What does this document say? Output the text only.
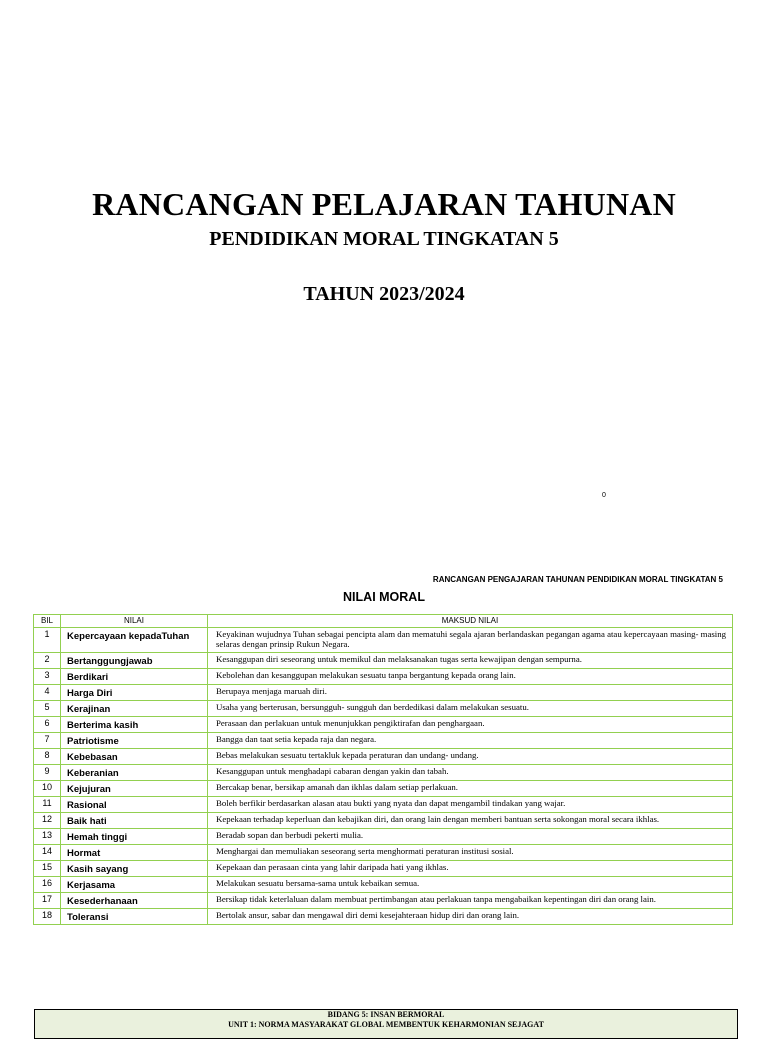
RANCANGAN PELAJARAN TAHUNAN
PENDIDIKAN MORAL TINGKATAN 5
TAHUN 2023/2024
0
RANCANGAN PENGAJARAN TAHUNAN PENDIDIKAN MORAL TINGKATAN 5
NILAI MORAL
BIL	NILAI	MAKSUD NILAI
1	Kepercayaan kepadaTuhan	Keyakinan wujudnya Tuhan sebagai pencipta alam dan mematuhi segala ajaran berlandaskan pegangan agama atau kepercayaan masing- masing selaras dengan prinsip Rukun Negara.
2	Bertanggungjawab	Kesanggupan diri seseorang untuk memikul dan melaksanakan tugas serta kewajipan dengan sempurna.
3	Berdikari	Kebolehan dan kesanggupan melakukan sesuatu tanpa bergantung kepada orang lain.
4	Harga Diri	Berupaya menjaga maruah diri.
5	Kerajinan	Usaha yang berterusan, bersungguh- sungguh dan berdedikasi dalam melakukan sesuatu.
6	Berterima kasih	Perasaan dan perlakuan untuk menunjukkan pengiktirafan dan penghargaan.
7	Patriotisme	Bangga dan taat setia kepada raja dan negara.
8	Kebebasan	Bebas melakukan sesuatu tertakluk kepada peraturan dan undang- undang.
9	Keberanian	Kesanggupan untuk menghadapi cabaran dengan yakin dan tabah.
10	Kejujuran	Bercakap benar, bersikap amanah dan ikhlas dalam setiap perlakuan.
11	Rasional	Boleh berfikir berdasarkan alasan atau bukti yang nyata dan dapat mengambil tindakan yang wajar.
12	Baik hati	Kepekaan terhadap keperluan dan kebajikan diri, dan orang lain dengan memberi bantuan serta sokongan moral secara ikhlas.
13	Hemah tinggi	Beradab sopan dan berbudi pekerti mulia.
14	Hormat	Menghargai dan memuliakan seseorang serta menghormati peraturan institusi sosial.
15	Kasih sayang	Kepekaan dan perasaan cinta yang lahir daripada hati yang ikhlas.
16	Kerjasama	Melakukan sesuatu bersama-sama untuk kebaikan semua.
17	Kesederhanaan	Bersikap tidak keterlaluan dalam membuat pertimbangan atau perlakuan tanpa mengabaikan kepentingan diri dan orang lain.
18	Toleransi	Bertolak ansur, sabar dan mengawal diri demi kesejahteraan hidup diri dan orang lain.
BIDANG 5: INSAN BERMORAL
UNIT 1: NORMA MASYARAKAT GLOBAL MEMBENTUK KEHARMONIAN SEJAGAT
